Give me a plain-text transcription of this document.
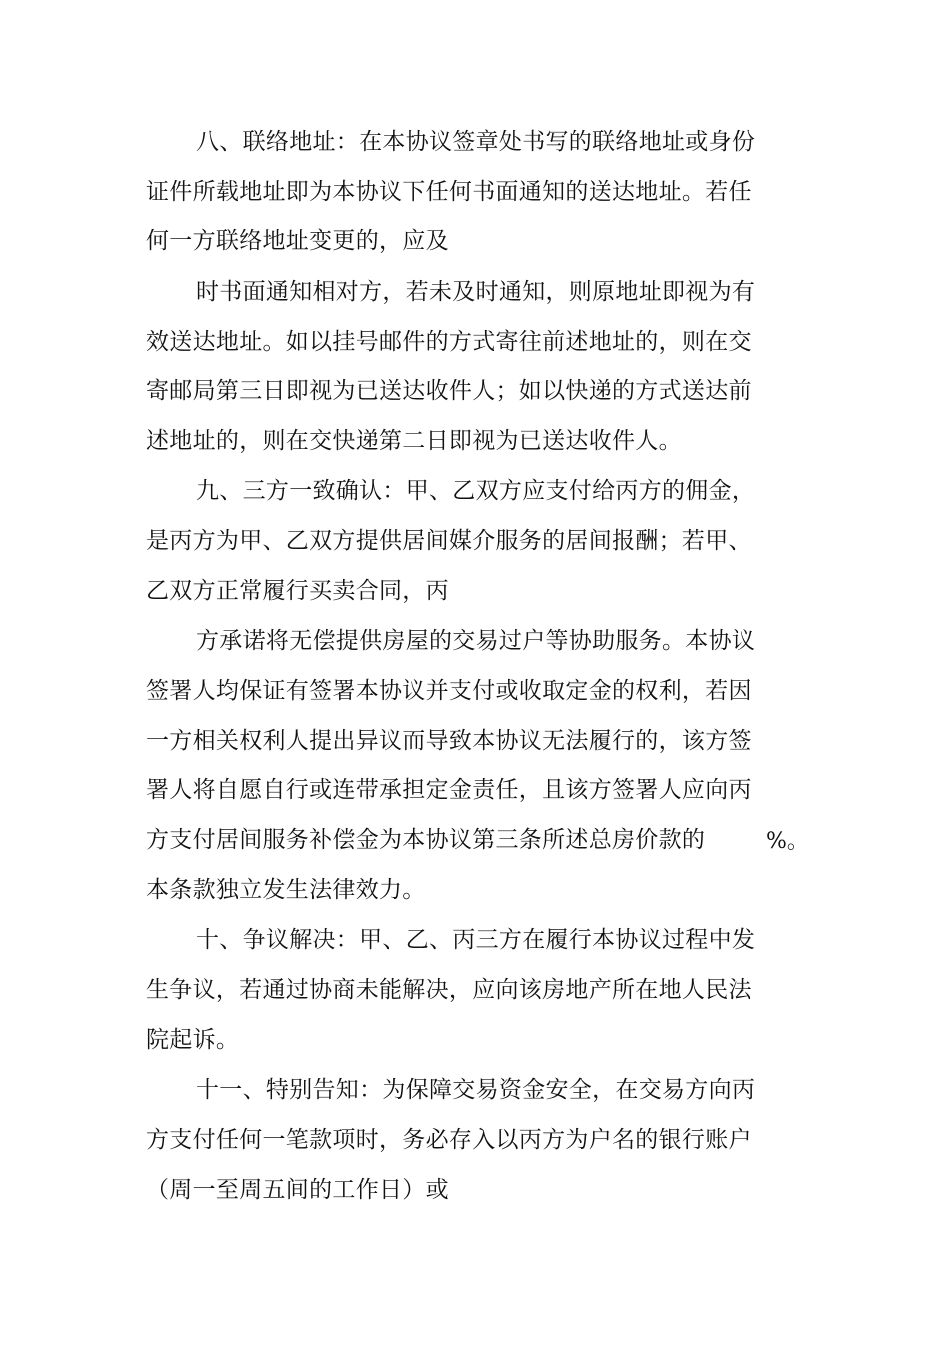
八、联络地址：在本协议签章处书写的联络地址或身份
证件所载地址即为本协议下任何书面通知的送达地址。若任
何一方联络地址变更的，应及
时书面通知相对方，若未及时通知，则原地址即视为有
效送达地址。如以挂号邮件的方式寄往前述地址的，则在交
寄邮局第三日即视为已送达收件人；如以快递的方式送达前
述地址的，则在交快递第二日即视为已送达收件人。
九、三方一致确认：甲、乙双方应支付给丙方的佣金，
是丙方为甲、乙双方提供居间媒介服务的居间报酬；若甲、
乙双方正常履行买卖合同，丙
方承诺将无偿提供房屋的交易过户等协助服务。本协议
签署人均保证有签署本协议并支付或收取定金的权利，若因
一方相关权利人提出异议而导致本协议无法履行的，该方签
署人将自愿自行或连带承担定金责任，且该方签署人应向丙
方支付居间服务补偿金为本协议第三条所述总房价款的	%。
本条款独立发生法律效力。
十、争议解决：甲、乙、丙三方在履行本协议过程中发
生争议，若通过协商未能解决，应向该房地产所在地人民法
院起诉。
十一、特别告知：为保障交易资金安全，在交易方向丙
方支付任何一笔款项时，务必存入以丙方为户名的银行账户
（周一至周五间的工作日）或
